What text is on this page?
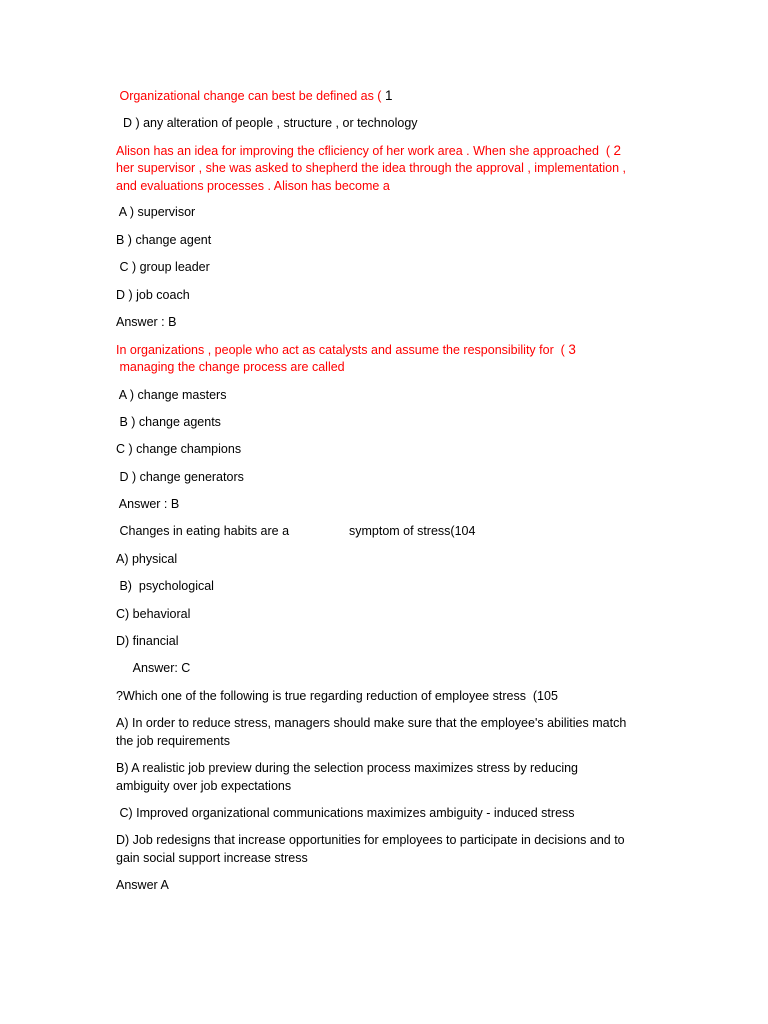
Organizational change can best be defined as ( 1
D ) any alteration of people , structure , or technology
Alison has an idea for improving the cfliciency of her work area . When she approached  ( 2
her supervisor , she was asked to shepherd the idea through the approval , implementation ,
and evaluations processes . Alison has become a
A ) supervisor
B ) change agent
C ) group leader
D ) job coach
Answer : B
In organizations , people who act as catalysts and assume the responsibility for  ( 3
managing the change process are called
A ) change masters
B ) change agents
C ) change champions
D ) change generators
Answer : B
Changes in eating habits are a	symptom of stress(104
A) physical
B)  psychological
C) behavioral
D) financial
Answer: C
?Which one of the following is true regarding reduction of employee stress  (105
A) In order to reduce stress, managers should make sure that the employee's abilities match
the job requirements
B) A realistic job preview during the selection process maximizes stress by reducing
ambiguity over job expectations
C) Improved organizational communications maximizes ambiguity - induced stress
D) Job redesigns that increase opportunities for employees to participate in decisions and to
gain social support increase stress
Answer A
